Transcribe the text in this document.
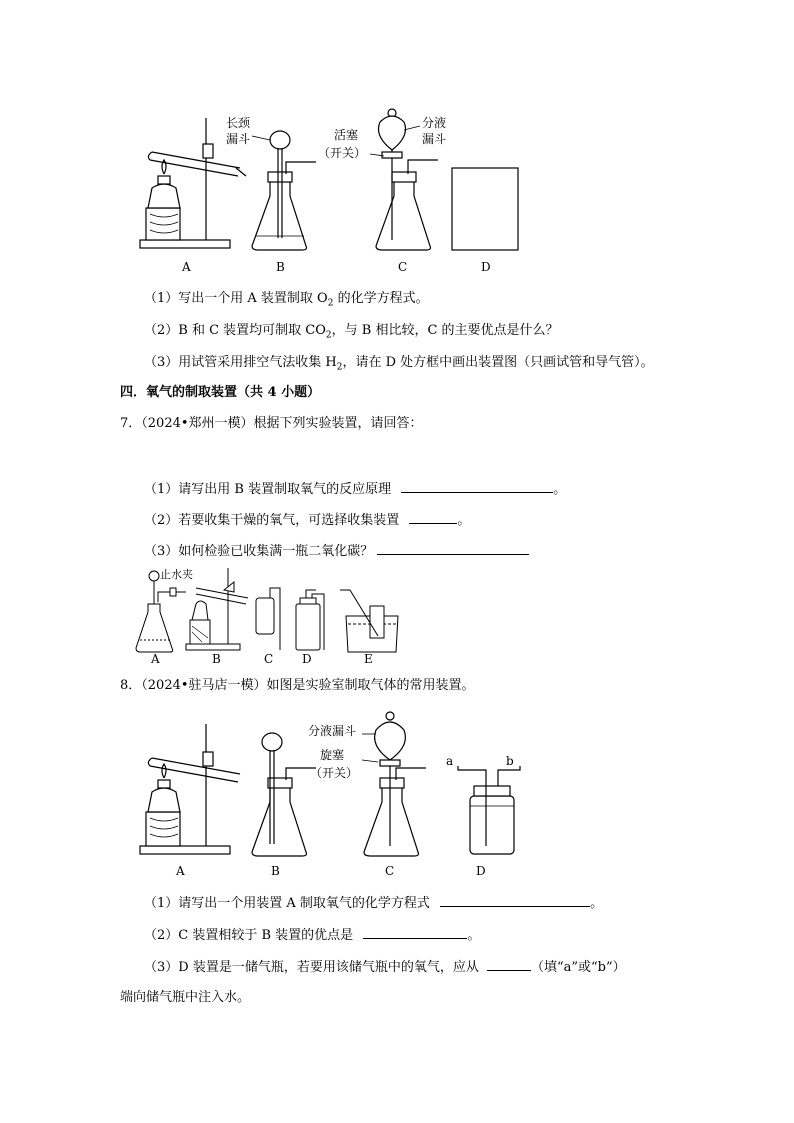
长颈
漏斗	活塞
（开关）
分液
漏斗
A	B	C	D
（1）写出一个用 A 装置制取 $O_2$ 的化学方程式。
（2）B 和 C 装置均可制取 $CO_2$，与 B 相比较，C 的主要优点是什么？
（3）用试管采用排空气法收集 $H_2$，请在 D 处方框中画出装置图（只画试管和导气管）。
四．氧气的制取装置（共 4 小题）
7．（2024•郑州一模）根据下列实验装置，请回答：
（1）请写出用 B 装置制取氧气的反应原理	。
（2）若要收集干燥的氧气，可选择收集装置	。
（3）如何检验已收集满一瓶二氧化碳？
止水夹
A	B	C D	E
8．（2024•驻马店一模）如图是实验室制取气体的常用装置。
分液漏斗
旋塞
（开关）
a	b
A	B	C	D
（1）请写出一个用装置 A 制取氧气的化学方程式	。
（2）C 装置相较于 B 装置的优点是	。
（3）D 装置是一储气瓶，若要用该储气瓶中的氧气，应从	（填“a”或“b”）
端向储气瓶中注入水。
